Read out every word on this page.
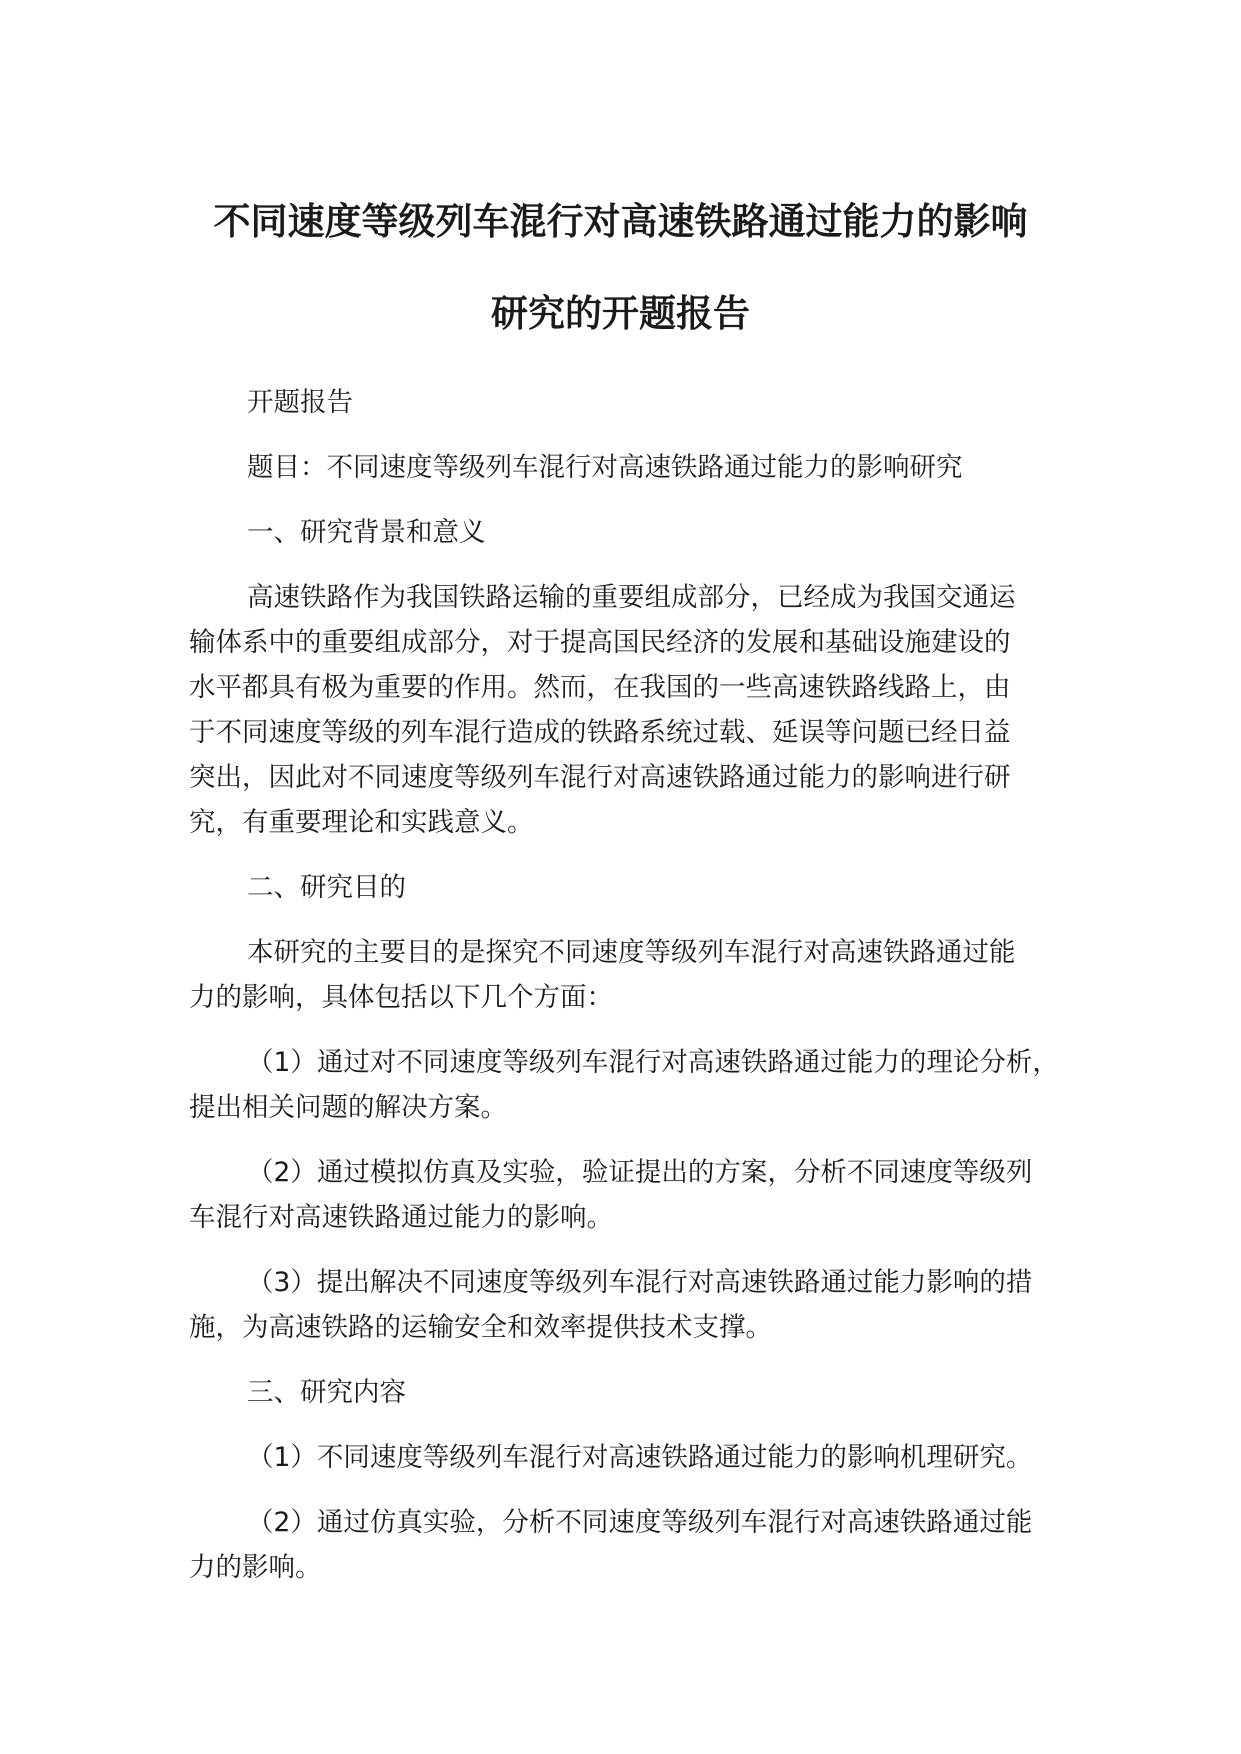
不同速度等级列车混行对高速铁路通过能力的影响
研究的开题报告

开题报告

题目：不同速度等级列车混行对高速铁路通过能力的影响研究

一、研究背景和意义

高速铁路作为我国铁路运输的重要组成部分，已经成为我国交通运
输体系中的重要组成部分，对于提高国民经济的发展和基础设施建设的
水平都具有极为重要的作用。然而，在我国的一些高速铁路线路上，由
于不同速度等级的列车混行造成的铁路系统过载、延误等问题已经日益
突出，因此对不同速度等级列车混行对高速铁路通过能力的影响进行研
究，有重要理论和实践意义。

二、研究目的

本研究的主要目的是探究不同速度等级列车混行对高速铁路通过能
力的影响，具体包括以下几个方面：

（1）通过对不同速度等级列车混行对高速铁路通过能力的理论分析，
提出相关问题的解决方案。

（2）通过模拟仿真及实验，验证提出的方案，分析不同速度等级列
车混行对高速铁路通过能力的影响。

（3）提出解决不同速度等级列车混行对高速铁路通过能力影响的措
施，为高速铁路的运输安全和效率提供技术支撑。

三、研究内容

（1）不同速度等级列车混行对高速铁路通过能力的影响机理研究。

（2）通过仿真实验，分析不同速度等级列车混行对高速铁路通过能
力的影响。
